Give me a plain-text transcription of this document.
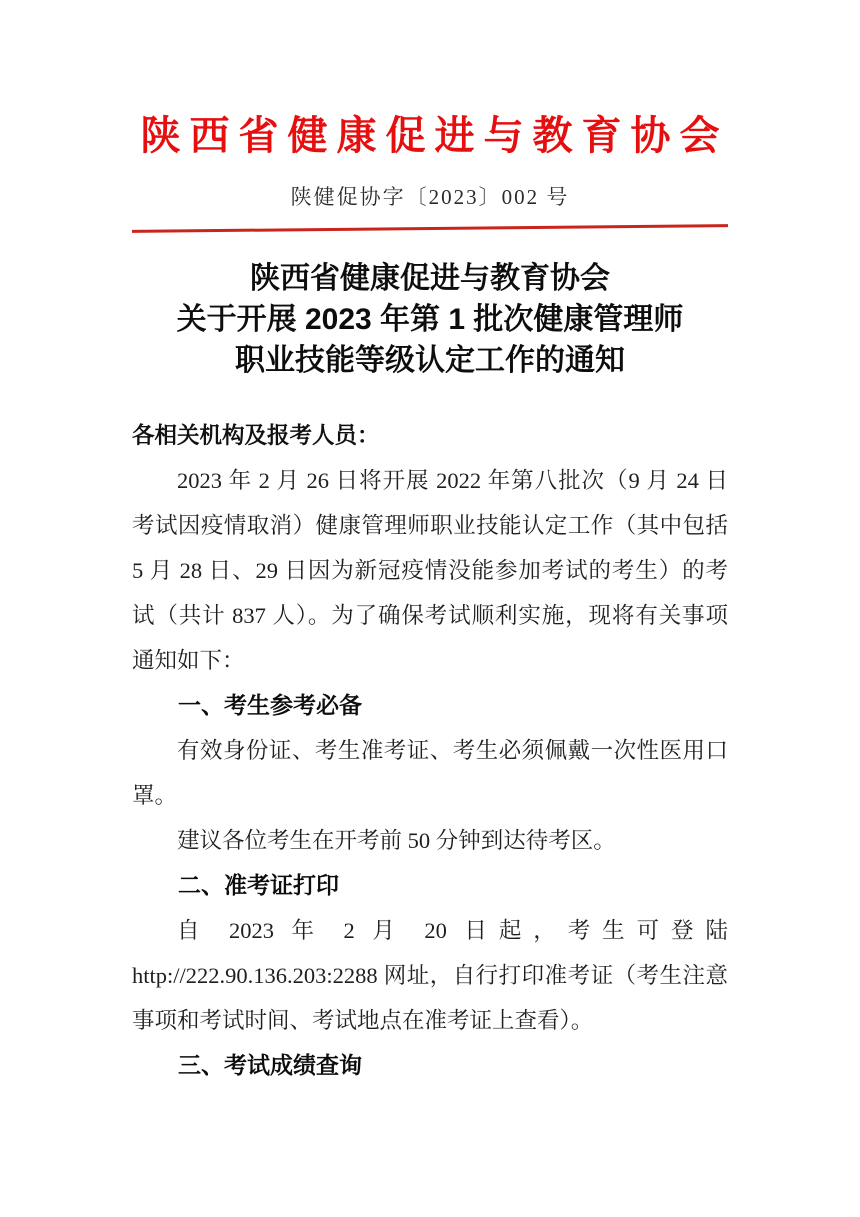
陕西省健康促进与教育协会
陕健促协字〔2023〕002 号
陕西省健康促进与教育协会
关于开展 2023 年第 1 批次健康管理师
职业技能等级认定工作的通知

各相关机构及报考人员：

2023 年 2 月 26 日将开展 2022 年第八批次（9 月 24 日考试因疫情取消）健康管理师职业技能认定工作（其中包括 5 月 28 日、29 日因为新冠疫情没能参加考试的考生）的考试（共计 837 人）。为了确保考试顺利实施，现将有关事项通知如下：

一、考生参考必备

有效身份证、考生准考证、考生必须佩戴一次性医用口罩。

建议各位考生在开考前 50 分钟到达待考区。

二、准考证打印

自 2023 年 2 月 20 日起，考生可登陆 http://222.90.136.203:2288 网址，自行打印准考证（考生注意事项和考试时间、考试地点在准考证上查看）。

三、考试成绩查询
